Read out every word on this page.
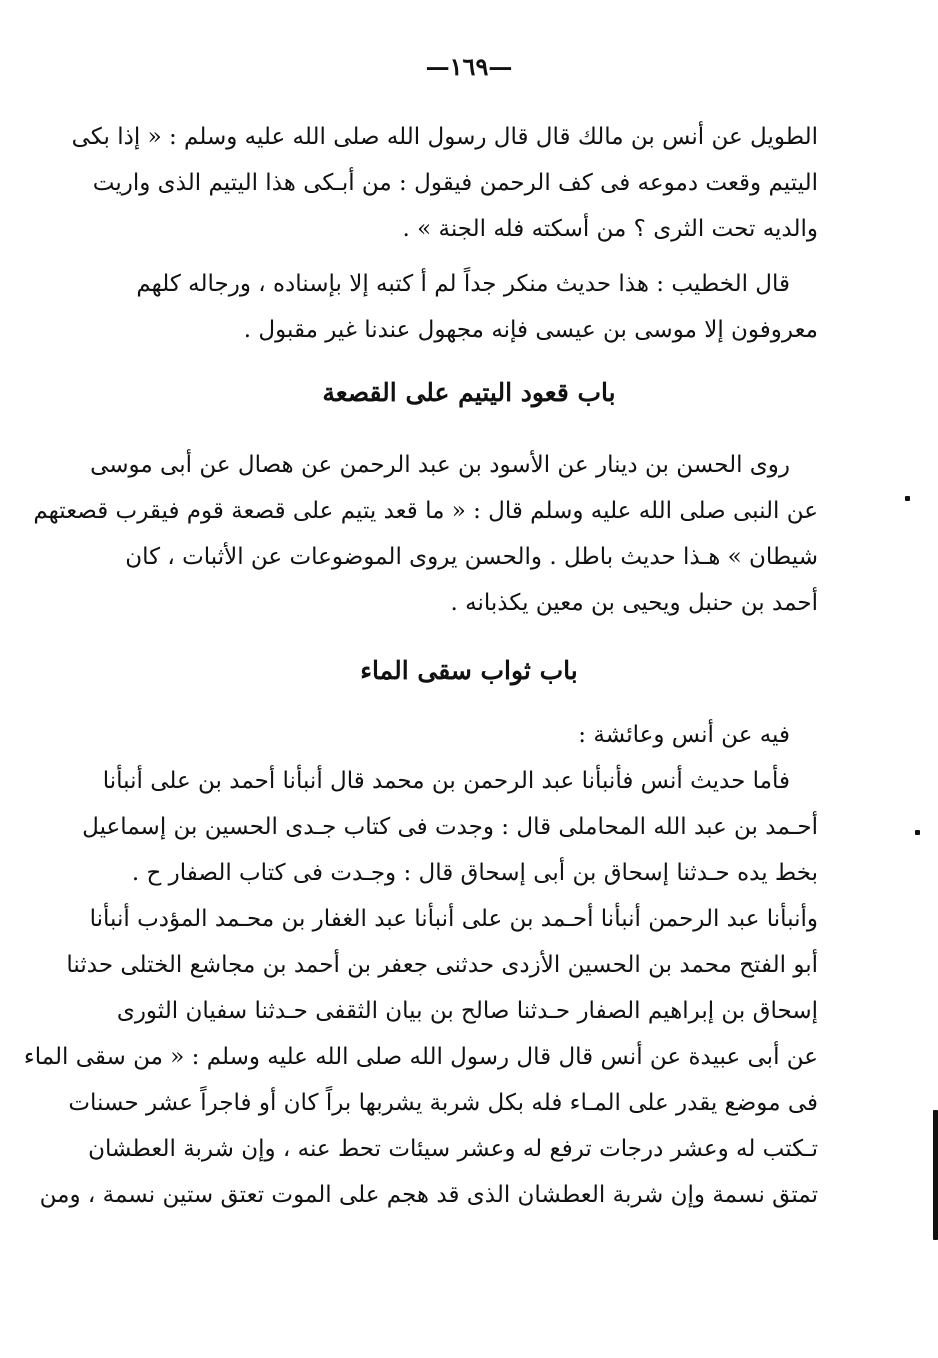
—١٦٩—
الطويل عن أنس بن مالك قال قال رسول الله صلى الله عليه وسلم : « إذا بكى
اليتيم وقعت دموعه فى كف الرحمن فيقول : من أبـكى هذا اليتيم الذى واريت
والديه تحت الثرى ؟ من أسكته فله الجنة » .
قال الخطيب : هذا حديث منكر جداً لم أ كتبه إلا بإسناده ، ورجاله كلهم
معروفون إلا موسى بن عيسى فإنه مجهول عندنا غير مقبول .
باب قعود اليتيم على القصعة
روى الحسن بن دينار عن الأسود بن عبد الرحمن عن هصال عن أبى موسى
عن النبى صلى الله عليه وسلم قال : « ما قعد يتيم على قصعة قوم فيقرب قصعتهم
شيطان » هـذا حديث باطل . والحسن يروى الموضوعات عن الأثبات ، كان
أحمد بن حنبل ويحيى بن معين يكذبانه .
باب ثواب سقى الماء
فيه عن أنس وعائشة :
فأما حديث أنس فأنبأنا عبد الرحمن بن محمد قال أنبأنا أحمد بن على أنبأنا
أحـمد بن عبد الله المحاملى قال : وجدت فى كتاب جـدى الحسين بن إسماعيل
بخط يده حـدثنا إسحاق بن أبى إسحاق قال : وجـدت فى كتاب الصفار ح .
وأنبأنا عبد الرحمن أنبأنا أحـمد بن على أنبأنا عبد الغفار بن محـمد المؤدب أنبأنا
أبو الفتح محمد بن الحسين الأزدى حدثنى جعفر بن أحمد بن مجاشع الختلى حدثنا
إسحاق بن إبراهيم الصفار حـدثنا صالح بن بيان الثقفى حـدثنا سفيان الثورى
عن أبى عبيدة عن أنس قال قال رسول الله صلى الله عليه وسلم : « من سقى الماء
فى موضع يقدر على المـاء فله بكل شربة يشربها براً كان أو فاجراً عشر حسنات
تـكتب له وعشر درجات ترفع له وعشر سيئات تحط عنه ، وإن شربة العطشان
تمتق نسمة وإن شربة العطشان الذى قد هجم على الموت تعتق ستين نسمة ، ومن
